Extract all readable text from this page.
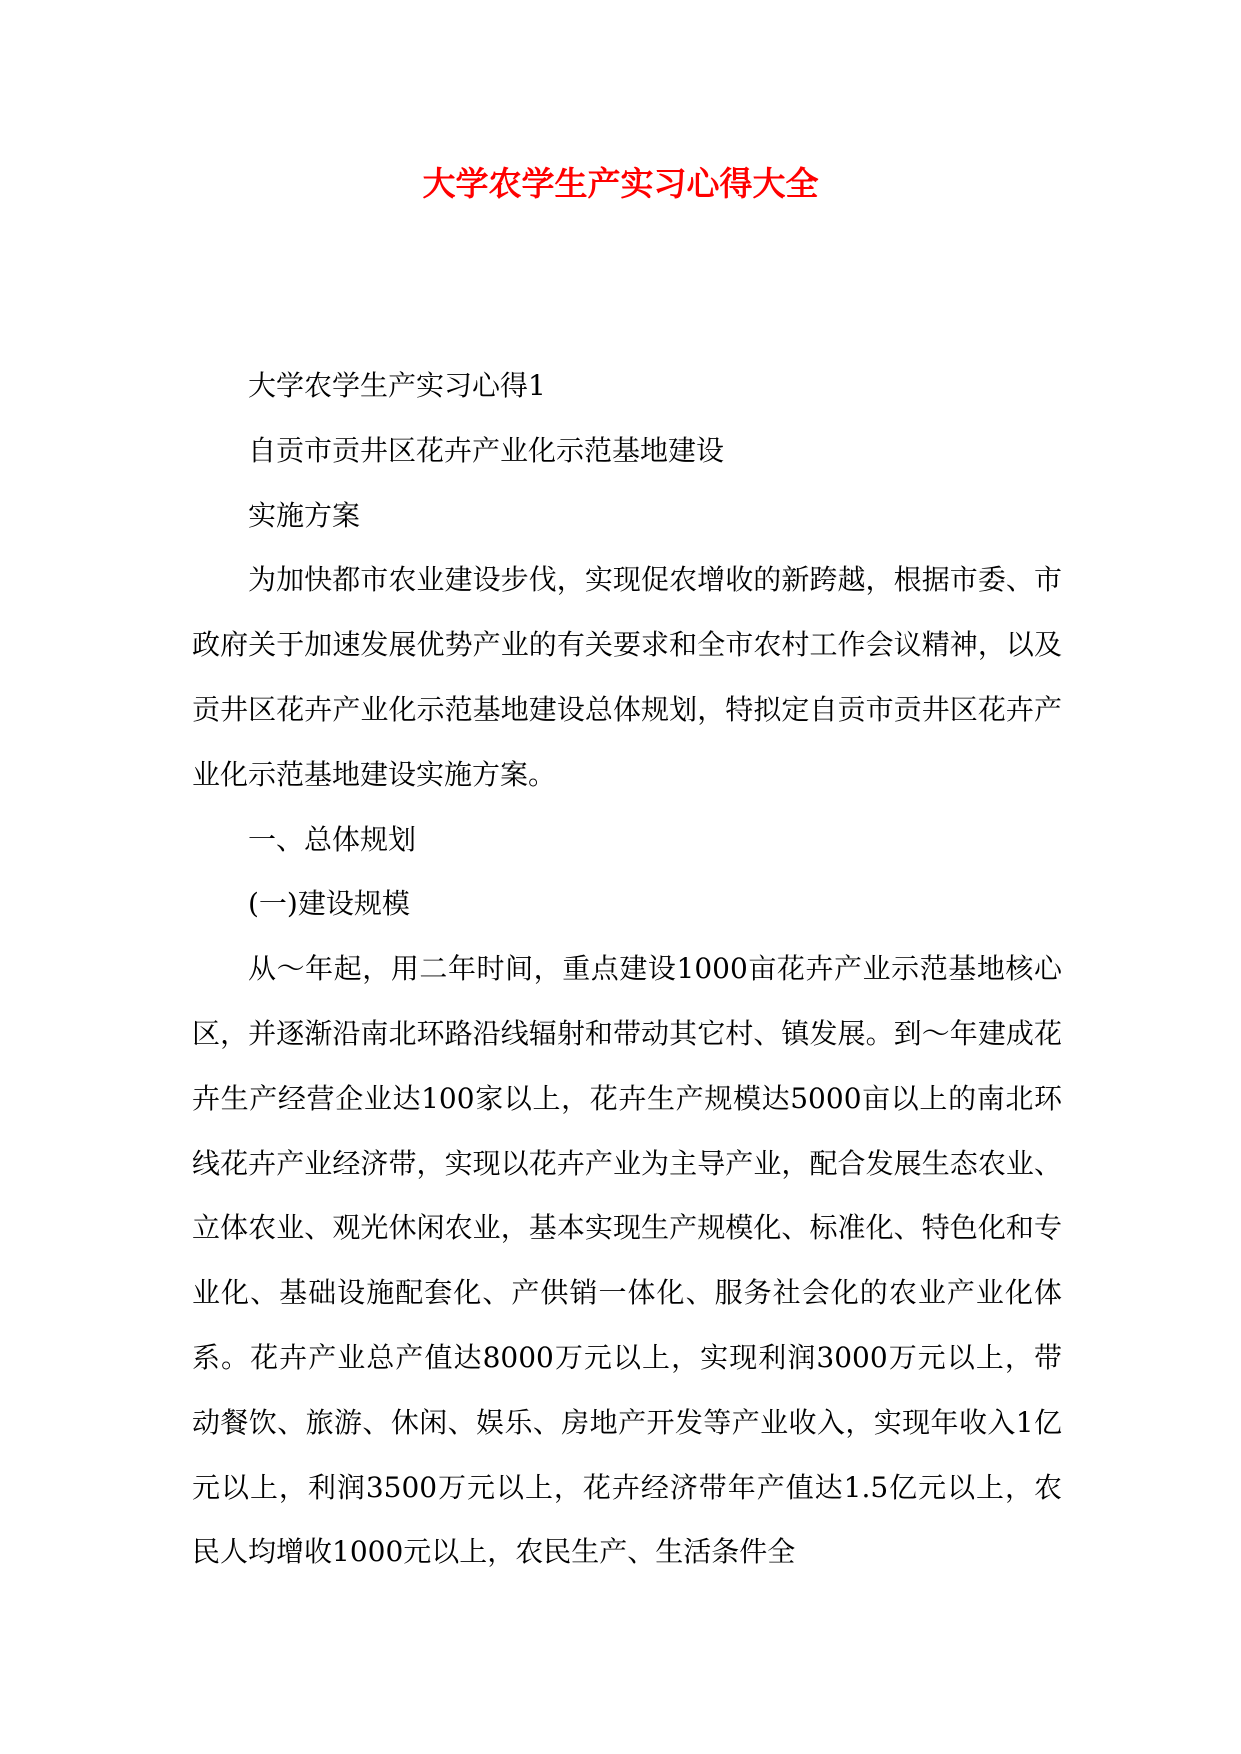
大学农学生产实习心得大全

大学农学生产实习心得1

自贡市贡井区花卉产业化示范基地建设

实施方案

为加快都市农业建设步伐，实现促农增收的新跨越，根据市委、市政府关于加速发展优势产业的有关要求和全市农村工作会议精神，以及贡井区花卉产业化示范基地建设总体规划，特拟定自贡市贡井区花卉产业化示范基地建设实施方案。

一、总体规划

(一)建设规模

从～年起，用二年时间，重点建设1000亩花卉产业示范基地核心区，并逐渐沿南北环路沿线辐射和带动其它村、镇发展。到～年建成花卉生产经营企业达100家以上，花卉生产规模达5000亩以上的南北环线花卉产业经济带，实现以花卉产业为主导产业，配合发展生态农业、立体农业、观光休闲农业，基本实现生产规模化、标准化、特色化和专业化、基础设施配套化、产供销一体化、服务社会化的农业产业化体系。花卉产业总产值达8000万元以上，实现利润3000万元以上，带动餐饮、旅游、休闲、娱乐、房地产开发等产业收入，实现年收入1亿元以上，利润3500万元以上，花卉经济带年产值达1.5亿元以上，农民人均增收1000元以上，农民生产、生活条件全
